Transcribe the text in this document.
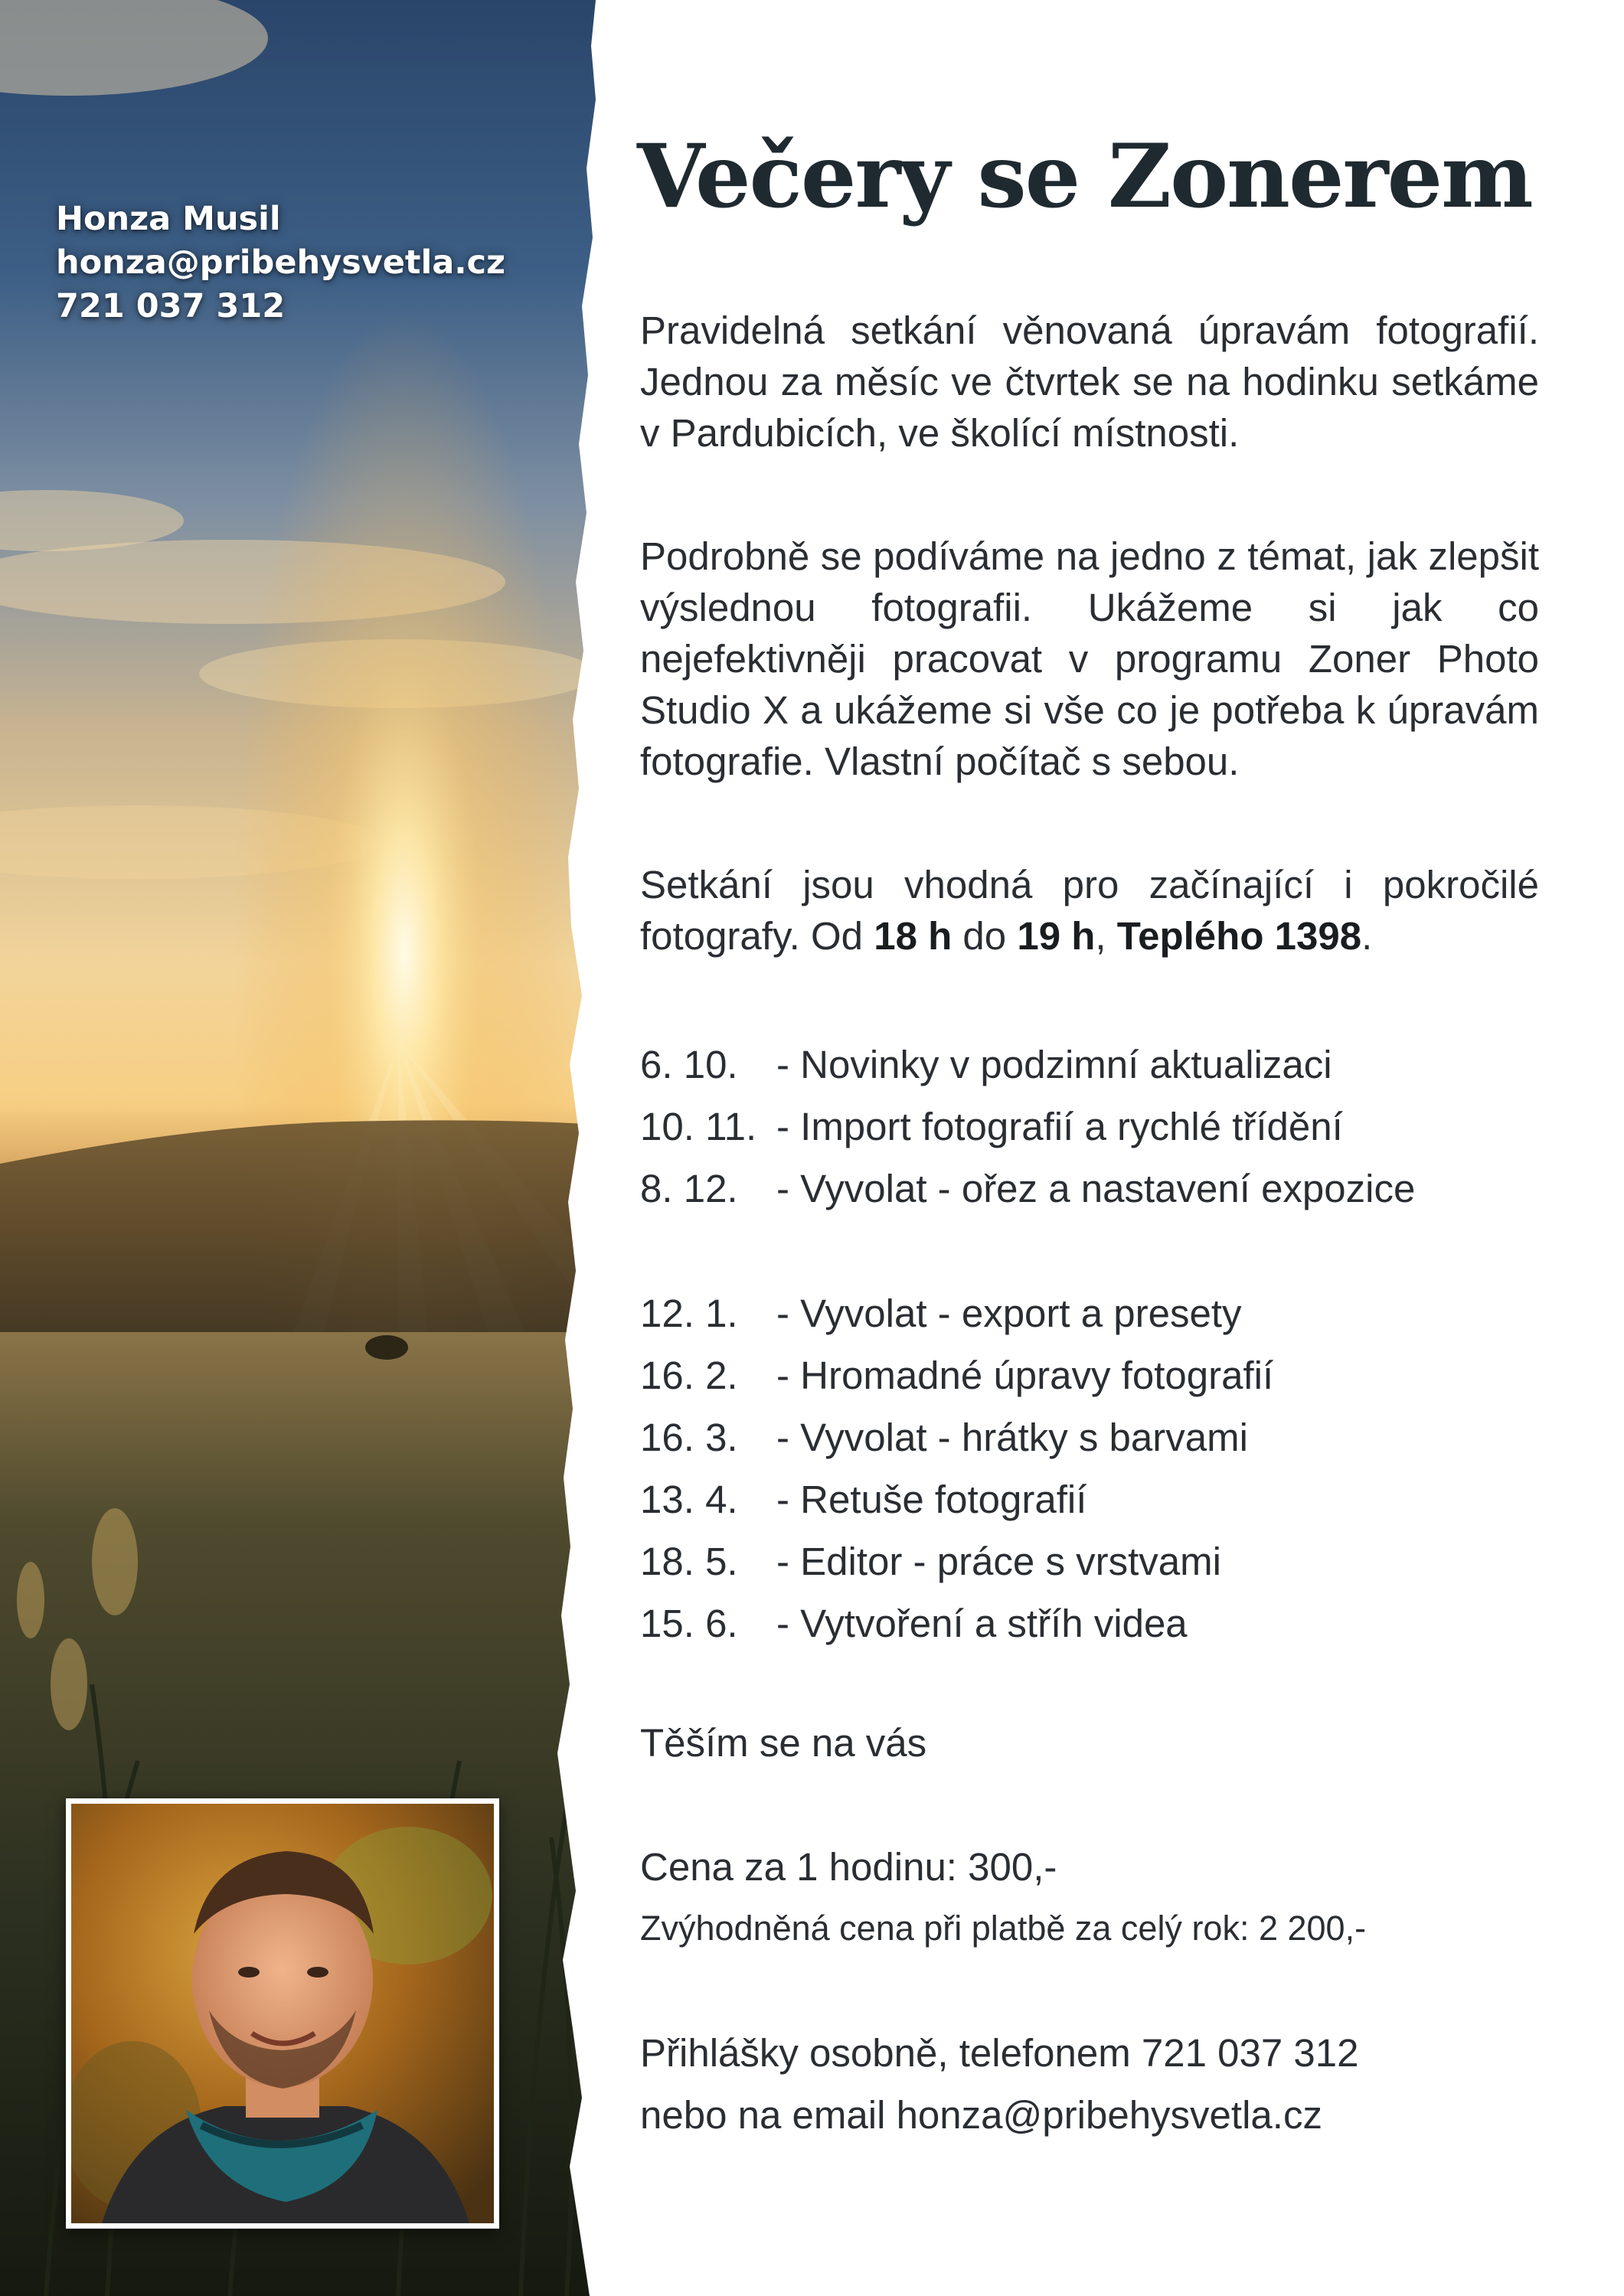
Honza Musil
honza@pribehysvetla.cz
721 037 312
Večery se Zonerem

Pravidelná setkání věnovaná úpravám fotografií. Jednou za měsíc ve čtvrtek se na hodinku setkáme v Pardubicích, ve školící místnosti.

Podrobně se podíváme na jedno z témat, jak zlepšit výslednou fotografii. Ukážeme si jak co nejefektivněji pracovat v programu Zoner Photo Studio X a ukážeme si vše co je potřeba k úpravám fotografie. Vlastní počítač s sebou.

Setkání jsou vhodná pro začínající i pokročilé fotografy. Od 18 h do 19 h, Teplého 1398.

6. 10. - Novinky v podzimní aktualizaci
10. 11. - Import fotografií a rychlé třídění
8. 12. - Vyvolat - ořez a nastavení expozice
12. 1. - Vyvolat - export a presety
16. 2. - Hromadné úpravy fotografií
16. 3. - Vyvolat - hrátky s barvami
13. 4. - Retuše fotografií
18. 5. - Editor - práce s vrstvami
15. 6. - Vytvoření a stříh videa
Těším se na vás
Cena za 1 hodinu: 300,-
Zvýhodněná cena při platbě za celý rok: 2 200,-
Přihlášky osobně, telefonem 721 037 312
nebo na email honza@pribehysvetla.cz
